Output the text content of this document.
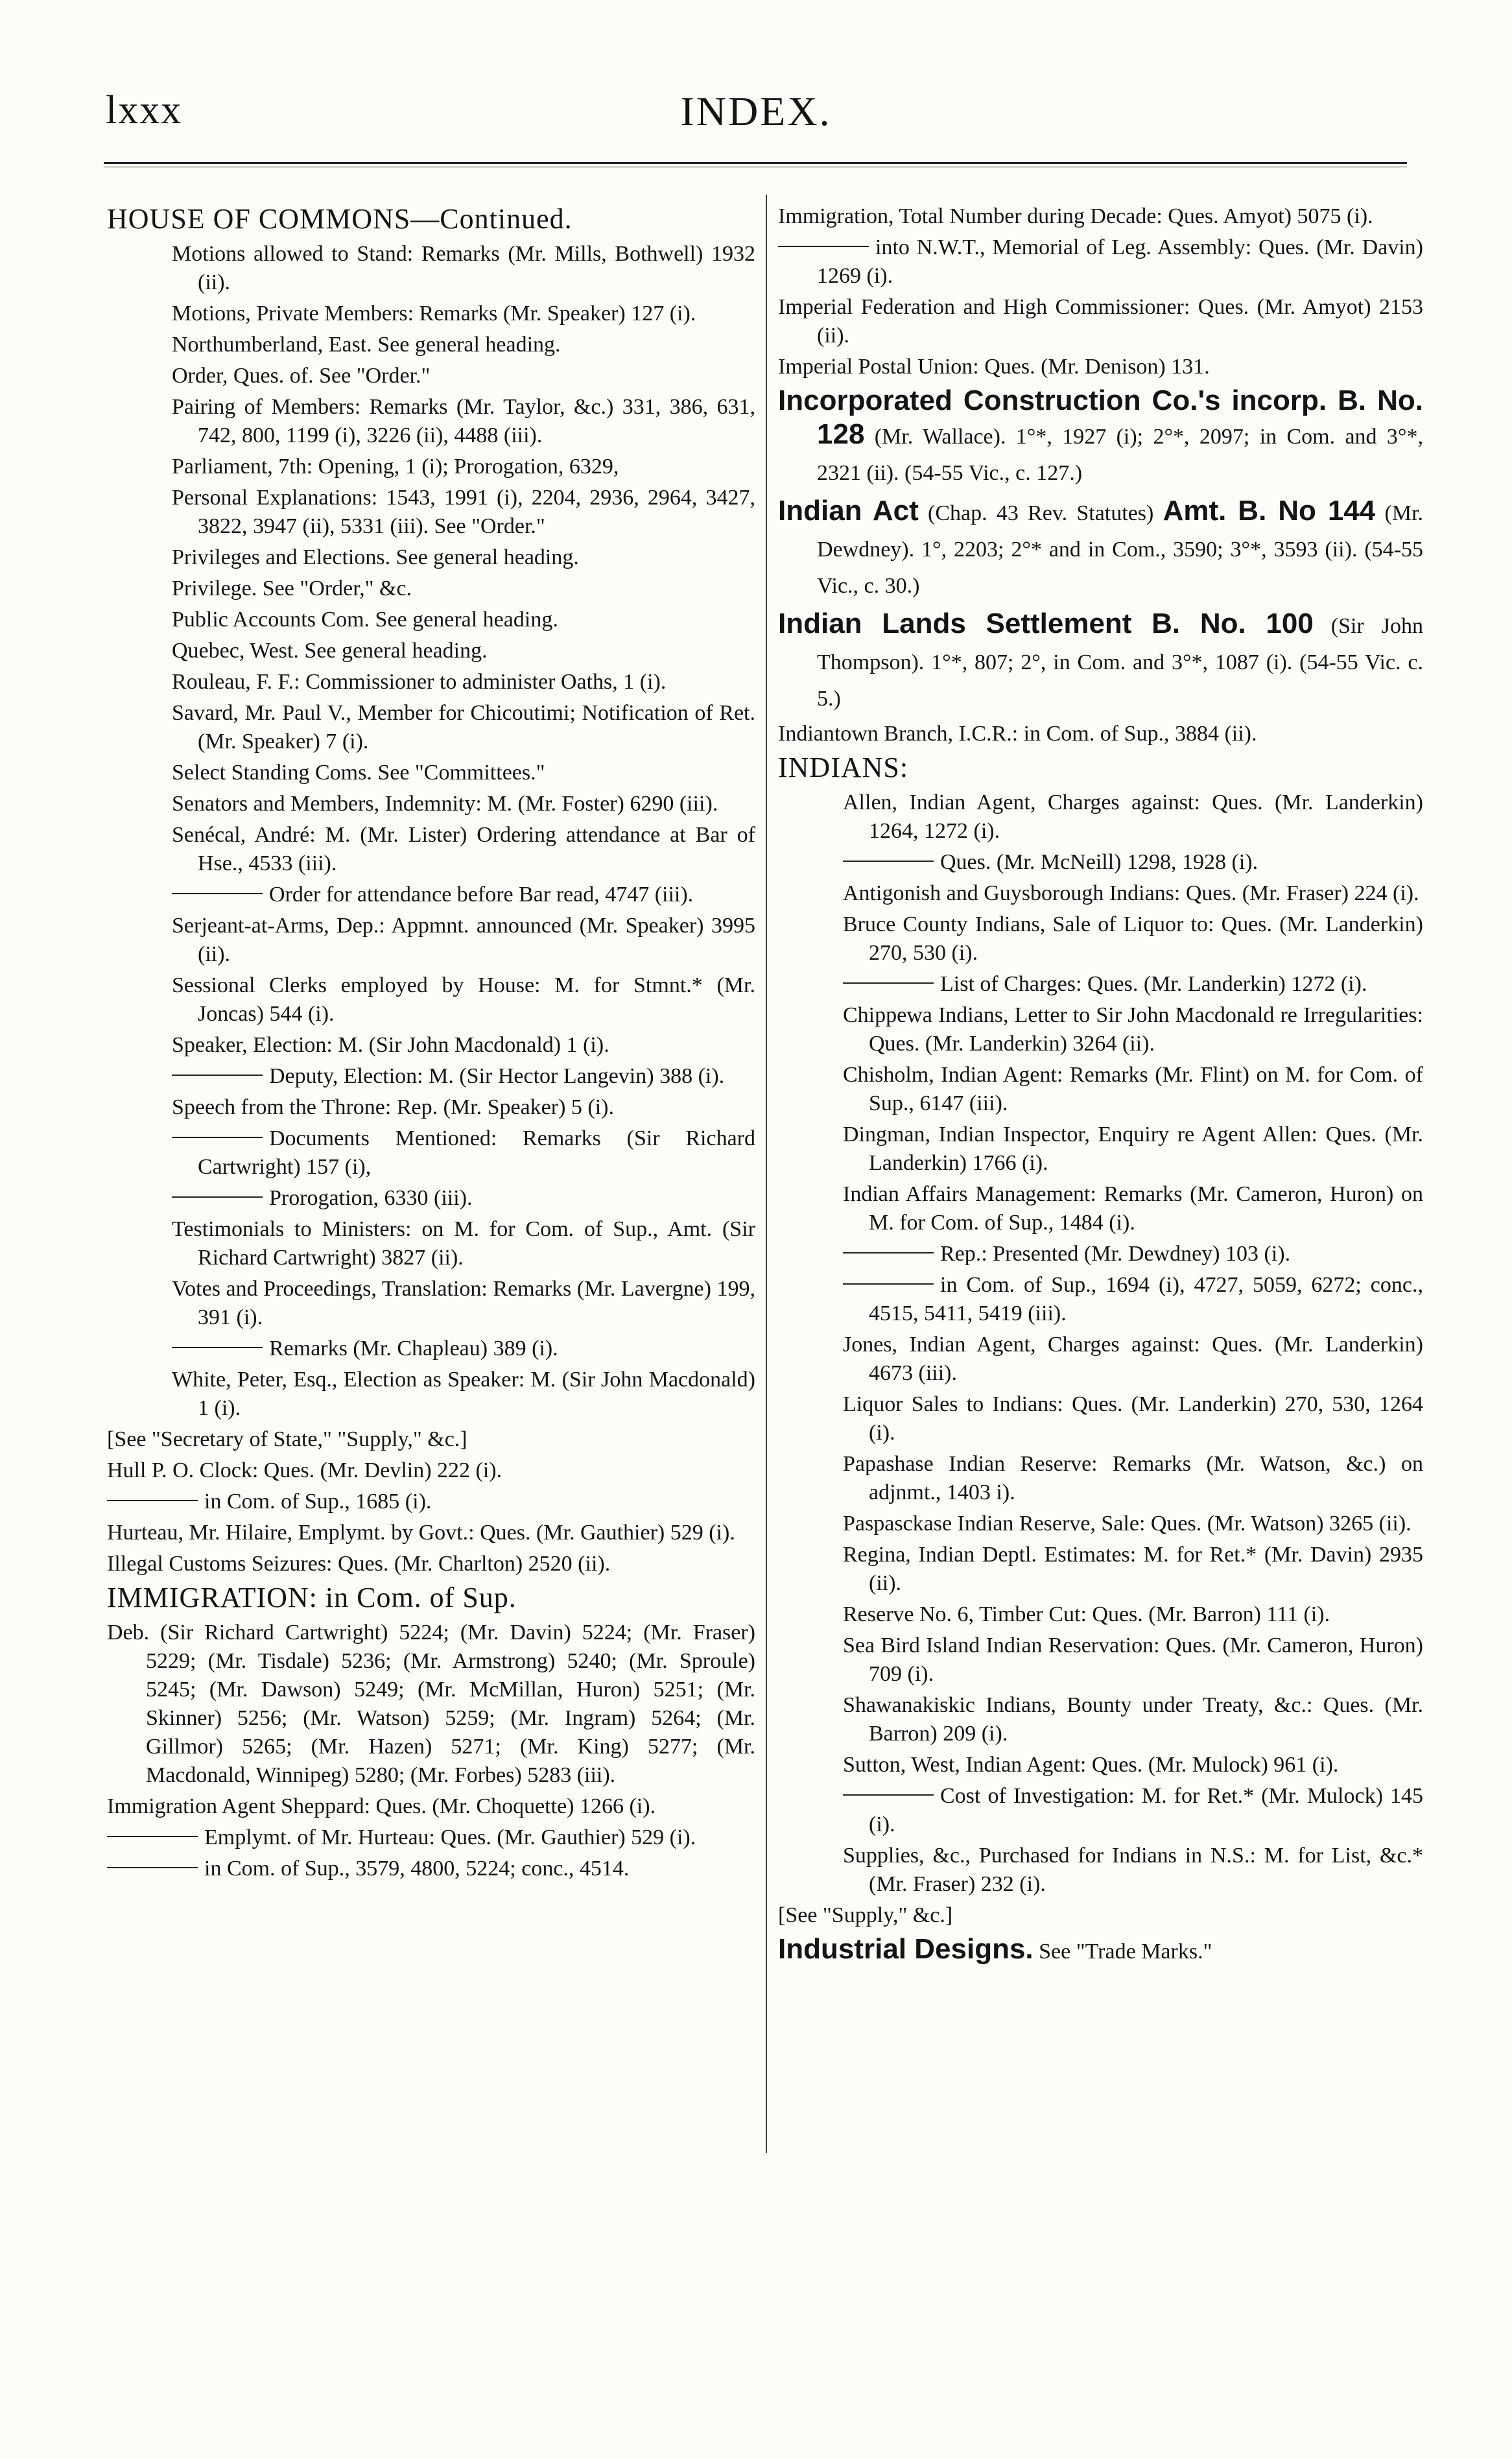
lxxx	INDEX.
HOUSE OF COMMONS—Continued.
Motions allowed to Stand: Remarks (Mr. Mills, Bothwell) 1932 (ii).
Motions, Private Members: Remarks (Mr. Speaker) 127 (i).
Northumberland, East. See general heading.
Order, Ques. of. See "Order."
Pairing of Members: Remarks (Mr. Taylor, &c.) 331, 386, 631, 742, 800, 1199 (i), 3226 (ii), 4488 (iii).
Parliament, 7th: Opening, 1 (i); Prorogation, 6329,
Personal Explanations: 1543, 1991 (i), 2204, 2936, 2964, 3427, 3822, 3947 (ii), 5331 (iii). See "Order."
Privileges and Elections. See general heading.
Privilege. See "Order," &c.
Public Accounts Com. See general heading.
Quebec, West. See general heading.
Rouleau, F. F.: Commissioner to administer Oaths, 1 (i).
Savard, Mr. Paul V., Member for Chicoutimi; Notification of Ret. (Mr. Speaker) 7 (i).
Select Standing Coms. See "Committees."
Senators and Members, Indemnity: M. (Mr. Foster) 6290 (iii).
Senécal, André: M. (Mr. Lister) Ordering attendance at Bar of Hse., 4533 (iii).
Order for attendance before Bar read, 4747 (iii).
Serjeant-at-Arms, Dep.: Appmnt. announced (Mr. Speaker) 3995 (ii).
Sessional Clerks employed by House: M. for Stmnt.* (Mr. Joncas) 544 (i).
Speaker, Election: M. (Sir John Macdonald) 1 (i).
Deputy, Election: M. (Sir Hector Langevin) 388 (i).
Speech from the Throne: Rep. (Mr. Speaker) 5 (i).
Documents Mentioned: Remarks (Sir Richard Cartwright) 157 (i),
Prorogation, 6330 (iii).
Testimonials to Ministers: on M. for Com. of Sup., Amt. (Sir Richard Cartwright) 3827 (ii).
Votes and Proceedings, Translation: Remarks (Mr. Lavergne) 199, 391 (i).
Remarks (Mr. Chapleau) 389 (i).
White, Peter, Esq., Election as Speaker: M. (Sir John Macdonald) 1 (i).
[See "Secretary of State," "Supply," &c.]
Hull P. O. Clock: Ques. (Mr. Devlin) 222 (i).
in Com. of Sup., 1685 (i).
Hurteau, Mr. Hilaire, Emplymt. by Govt.: Ques. (Mr. Gauthier) 529 (i).
Illegal Customs Seizures: Ques. (Mr. Charlton) 2520 (ii).
IMMIGRATION: in Com. of Sup.
Deb. (Sir Richard Cartwright) 5224; (Mr. Davin) 5224; (Mr. Fraser) 5229; (Mr. Tisdale) 5236; (Mr. Armstrong) 5240; (Mr. Sproule) 5245; (Mr. Dawson) 5249; (Mr. McMillan, Huron) 5251; (Mr. Skinner) 5256; (Mr. Watson) 5259; (Mr. Ingram) 5264; (Mr. Gillmor) 5265; (Mr. Hazen) 5271; (Mr. King) 5277; (Mr. Macdonald, Winnipeg) 5280; (Mr. Forbes) 5283 (iii).
Immigration Agent Sheppard: Ques. (Mr. Choquette) 1266 (i).
Emplymt. of Mr. Hurteau: Ques. (Mr. Gauthier) 529 (i).
in Com. of Sup., 3579, 4800, 5224; conc., 4514.
Immigration, Total Number during Decade: Ques. Amyot) 5075 (i).
into N.W.T., Memorial of Leg. Assembly: Ques. (Mr. Davin) 1269 (i).
Imperial Federation and High Commissioner: Ques. (Mr. Amyot) 2153 (ii).
Imperial Postal Union: Ques. (Mr. Denison) 131.
Incorporated Construction Co.'s incorp. B. No. 128 (Mr. Wallace). 1°*, 1927 (i); 2°*, 2097; in Com. and 3°*, 2321 (ii). (54-55 Vic., c. 127.)
Indian Act (Chap. 43 Rev. Statutes) Amt. B. No 144 (Mr. Dewdney). 1°, 2203; 2°* and in Com., 3590; 3°*, 3593 (ii). (54-55 Vic., c. 30.)
Indian Lands Settlement B. No. 100 (Sir John Thompson). 1°*, 807; 2°, in Com. and 3°*, 1087 (i). (54-55 Vic. c. 5.)
Indiantown Branch, I.C.R.: in Com. of Sup., 3884 (ii).
INDIANS:
Allen, Indian Agent, Charges against: Ques. (Mr. Landerkin) 1264, 1272 (i).
Ques. (Mr. McNeill) 1298, 1928 (i).
Antigonish and Guysborough Indians: Ques. (Mr. Fraser) 224 (i).
Bruce County Indians, Sale of Liquor to: Ques. (Mr. Landerkin) 270, 530 (i).
List of Charges: Ques. (Mr. Landerkin) 1272 (i).
Chippewa Indians, Letter to Sir John Macdonald re Irregularities: Ques. (Mr. Landerkin) 3264 (ii).
Chisholm, Indian Agent: Remarks (Mr. Flint) on M. for Com. of Sup., 6147 (iii).
Dingman, Indian Inspector, Enquiry re Agent Allen: Ques. (Mr. Landerkin) 1766 (i).
Indian Affairs Management: Remarks (Mr. Cameron, Huron) on M. for Com. of Sup., 1484 (i).
Rep.: Presented (Mr. Dewdney) 103 (i).
in Com. of Sup., 1694 (i), 4727, 5059, 6272; conc., 4515, 5411, 5419 (iii).
Jones, Indian Agent, Charges against: Ques. (Mr. Landerkin) 4673 (iii).
Liquor Sales to Indians: Ques. (Mr. Landerkin) 270, 530, 1264 (i).
Papashase Indian Reserve: Remarks (Mr. Watson, &c.) on adjnmt., 1403 i).
Paspasckase Indian Reserve, Sale: Ques. (Mr. Watson) 3265 (ii).
Regina, Indian Deptl. Estimates: M. for Ret.* (Mr. Davin) 2935 (ii).
Reserve No. 6, Timber Cut: Ques. (Mr. Barron) 111 (i).
Sea Bird Island Indian Reservation: Ques. (Mr. Cameron, Huron) 709 (i).
Shawanakiskic Indians, Bounty under Treaty, &c.: Ques. (Mr. Barron) 209 (i).
Sutton, West, Indian Agent: Ques. (Mr. Mulock) 961 (i).
Cost of Investigation: M. for Ret.* (Mr. Mulock) 145 (i).
Supplies, &c., Purchased for Indians in N.S.: M. for List, &c.* (Mr. Fraser) 232 (i).
[See "Supply," &c.]
Industrial Designs. See "Trade Marks."
